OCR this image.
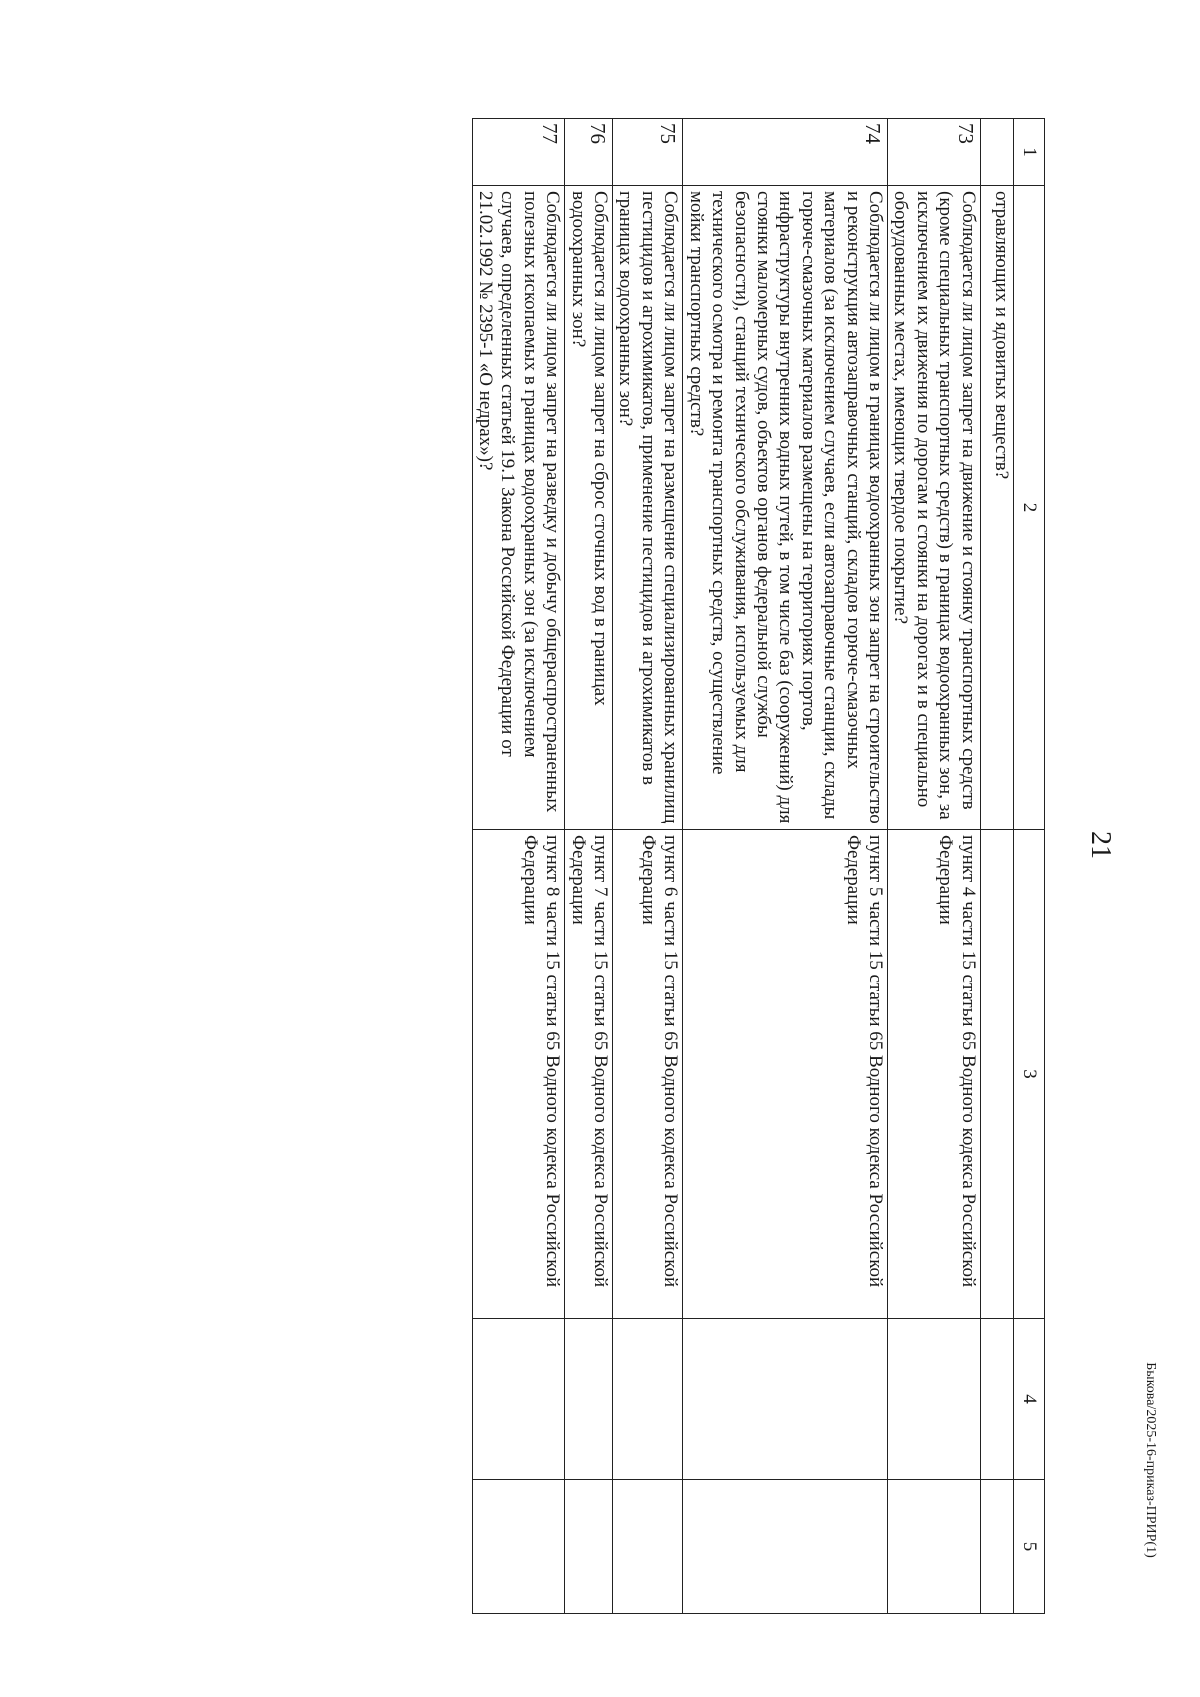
21
Быкова/2025-16-приказ-ПРИР(1)
1	2	3	4	5
	отравляющих и ядовитых веществ?			
73	Соблюдается ли лицом запрет на движение и стоянку транспортных средств (кроме специальных транспортных средств) в границах водоохранных зон, за исключением их движения по дорогам и стоянки на дорогах и в специально оборудованных местах, имеющих твердое покрытие?	пункт 4 части 15 статьи 65 Водного кодекса Российской Федерации		
74	Соблюдается ли лицом в границах водоохранных зон запрет на строительство и реконструкция автозаправочных станций, складов горюче-смазочных материалов (за исключением случаев, если автозаправочные станции, склады горюче-смазочных материалов размещены на территориях портов, инфраструктуры внутренних водных путей, в том числе баз (сооружений) для стоянки маломерных судов, объектов органов федеральной службы безопасности), станций технического обслуживания, используемых для технического осмотра и ремонта транспортных средств, осуществление мойки транспортных средств?	пункт 5 части 15 статьи 65 Водного кодекса Российской Федерации		
75	Соблюдается ли лицом запрет на размещение специализированных хранилищ пестицидов и агрохимикатов, применение пестицидов и агрохимикатов в границах водоохранных зон?	пункт 6 части 15 статьи 65 Водного кодекса Российской Федерации		
76	Соблюдается ли лицом запрет на сброс сточных вод в границах водоохранных зон?	пункт 7 части 15 статьи 65 Водного кодекса Российской Федерации		
77	Соблюдается ли лицом запрет на разведку и добычу общераспространенных полезных ископаемых в границах водоохранных зон (за исключением случаев, определенных статьей 19.1 Закона Российской Федерации от 21.02.1992 № 2395-1 «О недрах»)?	пункт 8 части 15 статьи 65 Водного кодекса Российской Федерации		
